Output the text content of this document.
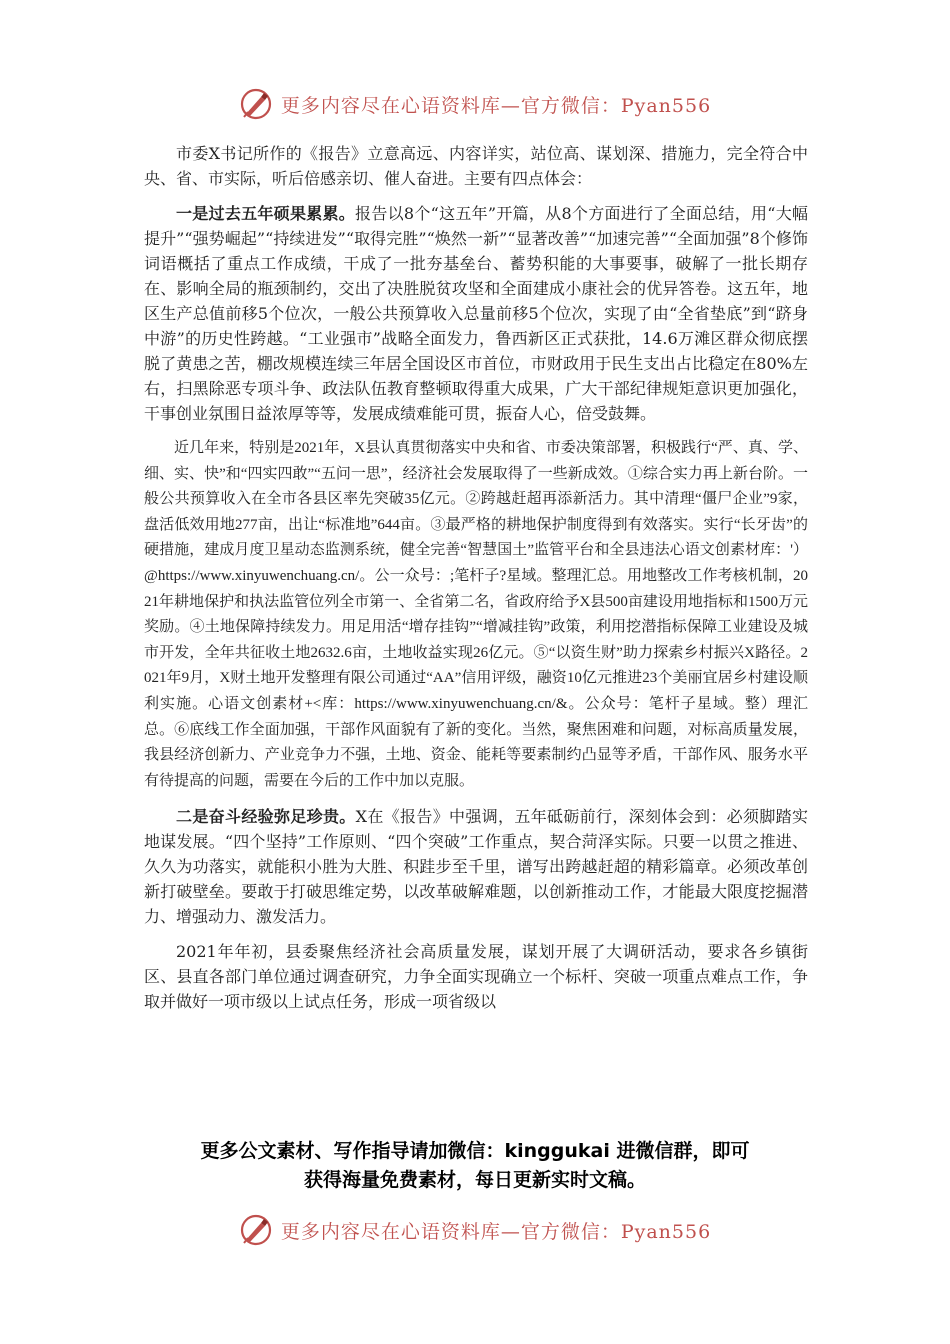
更多内容尽在心语资料库—官方微信：Pyan556

市委X书记所作的《报告》立意高远、内容详实，站位高、谋划深、措施力，完全符合中央、省、市实际，听后倍感亲切、催人奋进。主要有四点体会：

一是过去五年硕果累累。报告以8个“这五年”开篇，从8个方面进行了全面总结，用“大幅提升”“强势崛起”“持续进发”“取得完胜”“焕然一新”“显著改善”“加速完善”“全面加强”8个修饰词语概括了重点工作成绩，干成了一批夯基垒台、蓄势积能的大事要事，破解了一批长期存在、影响全局的瓶颈制约，交出了决胜脱贫攻坚和全面建成小康社会的优异答卷。这五年，地区生产总值前移5个位次，一般公共预算收入总量前移5个位次，实现了由“全省垫底”到“跻身中游”的历史性跨越。“工业强市”战略全面发力，鲁西新区正式获批，14.6万滩区群众彻底摆脱了黄患之苦，棚改规模连续三年居全国设区市首位，市财政用于民生支出占比稳定在80%左右，扫黑除恶专项斗争、政法队伍教育整顿取得重大成果，广大干部纪律规矩意识更加强化，干事创业氛围日益浓厚等等，发展成绩难能可贯，振奋人心，倍受鼓舞。

近几年来，特别是2021年，X县认真贯彻落实中央和省、市委决策部署，积极践行“严、真、学、细、实、快”和“四实四敢”“五问一思”，经济社会发展取得了一些新成效。①综合实力再上新台阶。一般公共预算收入在全市各县区率先突破35亿元。②跨越赶超再添新活力。其中清理“僵尸企业”9家，盘活低效用地277亩，出让“标准地”644亩。③最严格的耕地保护制度得到有效落实。实行“长牙齿”的硬措施，建成月度卫星动态监测系统，健全完善“智慧国土”监管平台和全县违法心语文创素材库：'）@https://www.xinyuwenchuang.cn/。公一众号：;笔杆子?星域。整理汇总。用地整改工作考核机制，2021年耕地保护和执法监管位列全市第一、全省第二名，省政府给予X县500亩建设用地指标和1500万元奖励。④土地保障持续发力。用足用活“增存挂钩”“增减挂钩”政策，利用挖潜指标保障工业建设及城市开发，全年共征收土地2632.6亩，土地收益实现26亿元。⑤“以资生财”助力探索乡村振兴X路径。2021年9月，X财土地开发整理有限公司通过“AA”信用评级，融资10亿元推进23个美丽宜居乡村建设顺利实施。心语文创素材+<库：https://www.xinyuwenchuang.cn/&。公众号：笔杆子星域。整）理汇总。⑥底线工作全面加强，干部作风面貌有了新的变化。当然，聚焦困难和问题，对标高质量发展，我县经济创新力、产业竞争力不强，土地、资金、能耗等要素制约凸显等矛盾，干部作风、服务水平有待提高的问题，需要在今后的工作中加以克服。

二是奋斗经验弥足珍贵。X在《报告》中强调，五年砥砺前行，深刻体会到：必须脚踏实地谋发展。“四个坚持”工作原则、“四个突破”工作重点，契合菏泽实际。只要一以贯之推进、久久为功落实，就能积小胜为大胜、积跬步至千里，谱写出跨越赶超的精彩篇章。必须改革创新打破壁垒。要敢于打破思维定势，以改革破解难题，以创新推动工作，才能最大限度挖掘潜力、增强动力、激发活力。

2021年年初，县委聚焦经济社会高质量发展，谋划开展了大调研活动，要求各乡镇街区、县直各部门单位通过调查研究，力争全面实现确立一个标杆、突破一项重点难点工作，争取并做好一项市级以上试点任务，形成一项省级以

更多公文素材、写作指导请加微信：kinggukai 进微信群，即可
获得海量免费素材，每日更新实时文稿。
更多内容尽在心语资料库—官方微信：Pyan556
